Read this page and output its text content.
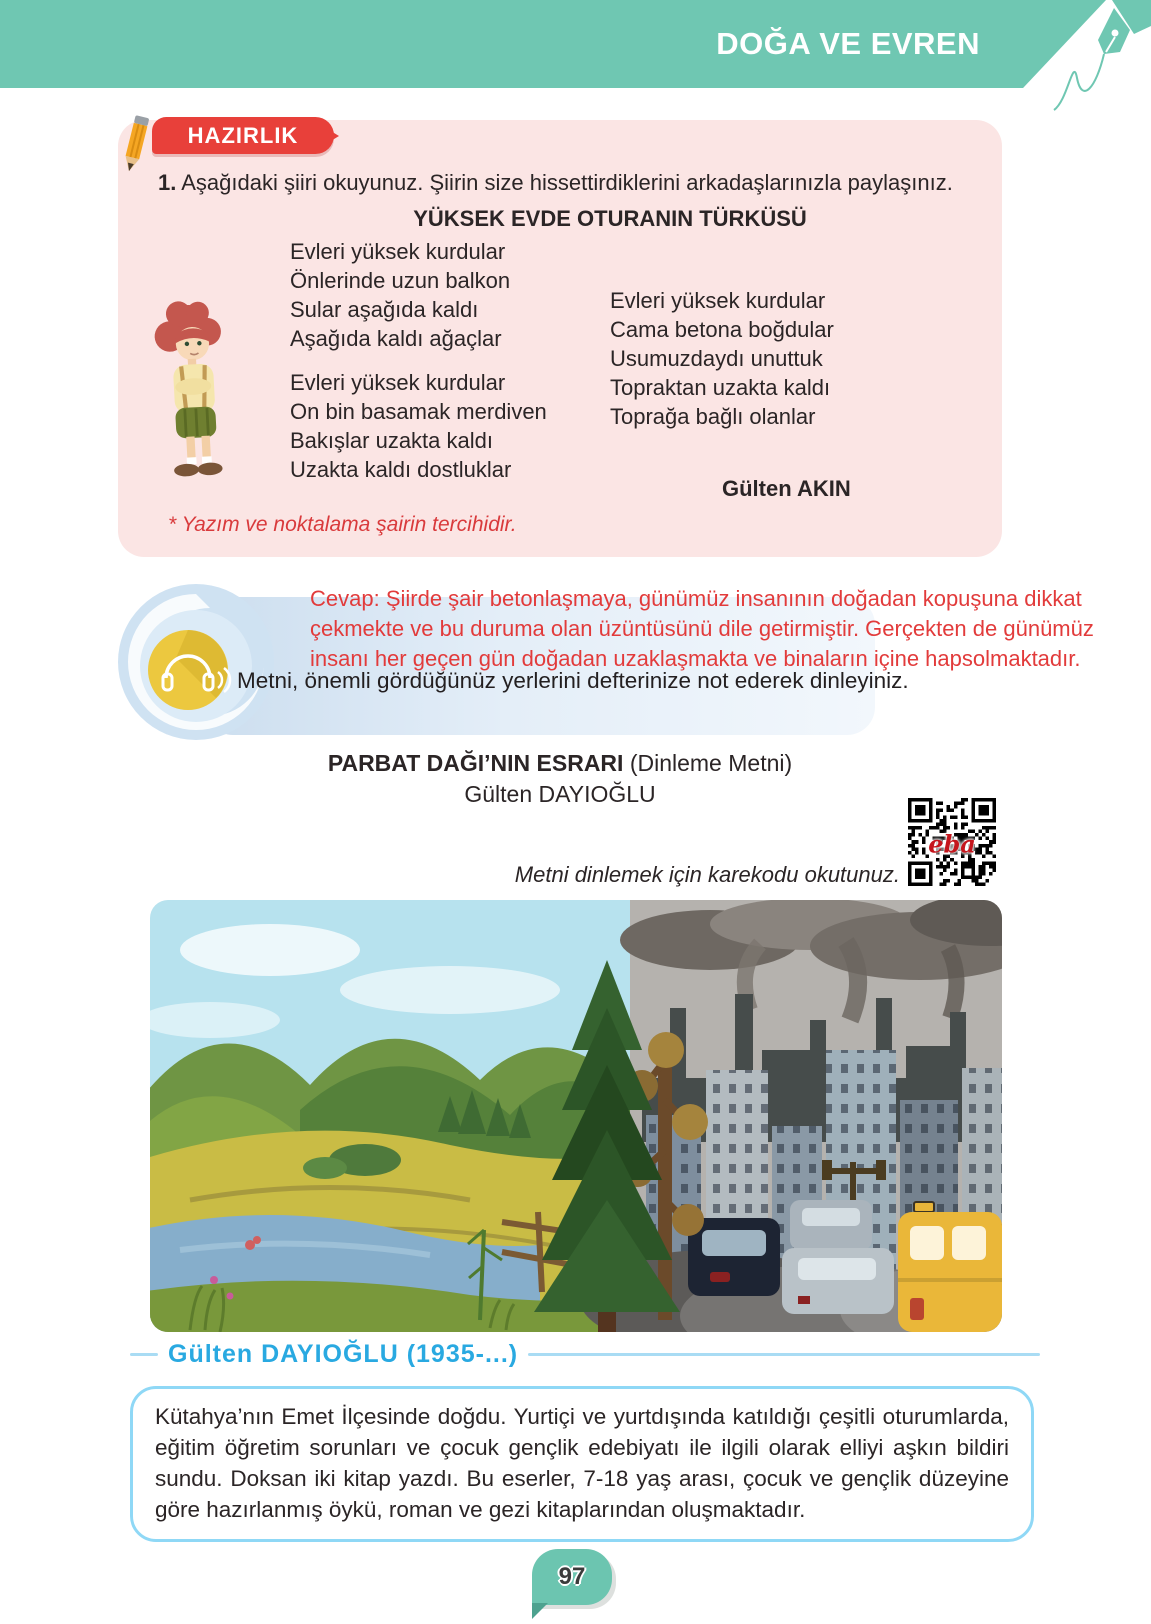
DOĞA VE EVREN
HAZIRLIK
1. Aşağıdaki şiiri okuyunuz. Şiirin size hissettirdiklerini arkadaşlarınızla paylaşınız.
YÜKSEK EVDE OTURANIN TÜRKÜSÜ
Evleri yüksek kurdular
Önlerinde uzun balkon
Sular aşağıda kaldı
Aşağıda kaldı ağaçlar
Evleri yüksek kurdular
On bin basamak merdiven
Bakışlar uzakta kaldı
Uzakta kaldı dostluklar
Evleri yüksek kurdular
Cama betona boğdular
Usumuzdaydı unuttuk
Topraktan uzakta kaldı
Toprağa bağlı olanlar
Gülten AKIN
* Yazım ve noktalama şairin tercihidir.
Cevap: Şiirde şair betonlaşmaya, günümüz insanının doğadan kopuşuna dikkat çekmekte ve bu duruma olan üzüntüsünü dile getirmiştir. Gerçekten de günümüz insanı her geçen gün doğadan uzaklaşmakta ve binaların içine hapsolmaktadır.
Metni, önemli gördüğünüz yerlerini defterinize not ederek dinleyiniz.
PARBAT DAĞI’NIN ESRARI (Dinleme Metni)
Gülten DAYIOĞLU
eba
Metni dinlemek için karekodu okutunuz.
Gülten DAYIOĞLU (1935-...)

Kütahya’nın Emet İlçesinde doğdu. Yurtiçi ve yurtdışında katıldığı çeşitli oturumlarda, eğitim öğretim sorunları ve çocuk gençlik edebiyatı ile ilgili olarak elliyi aşkın bildiri sundu. Doksan iki kitap yazdı. Bu eserler, 7-18 yaş arası, çocuk ve gençlik düzeyine göre hazırlanmış öykü, roman ve gezi kitaplarından oluşmaktadır.

97
